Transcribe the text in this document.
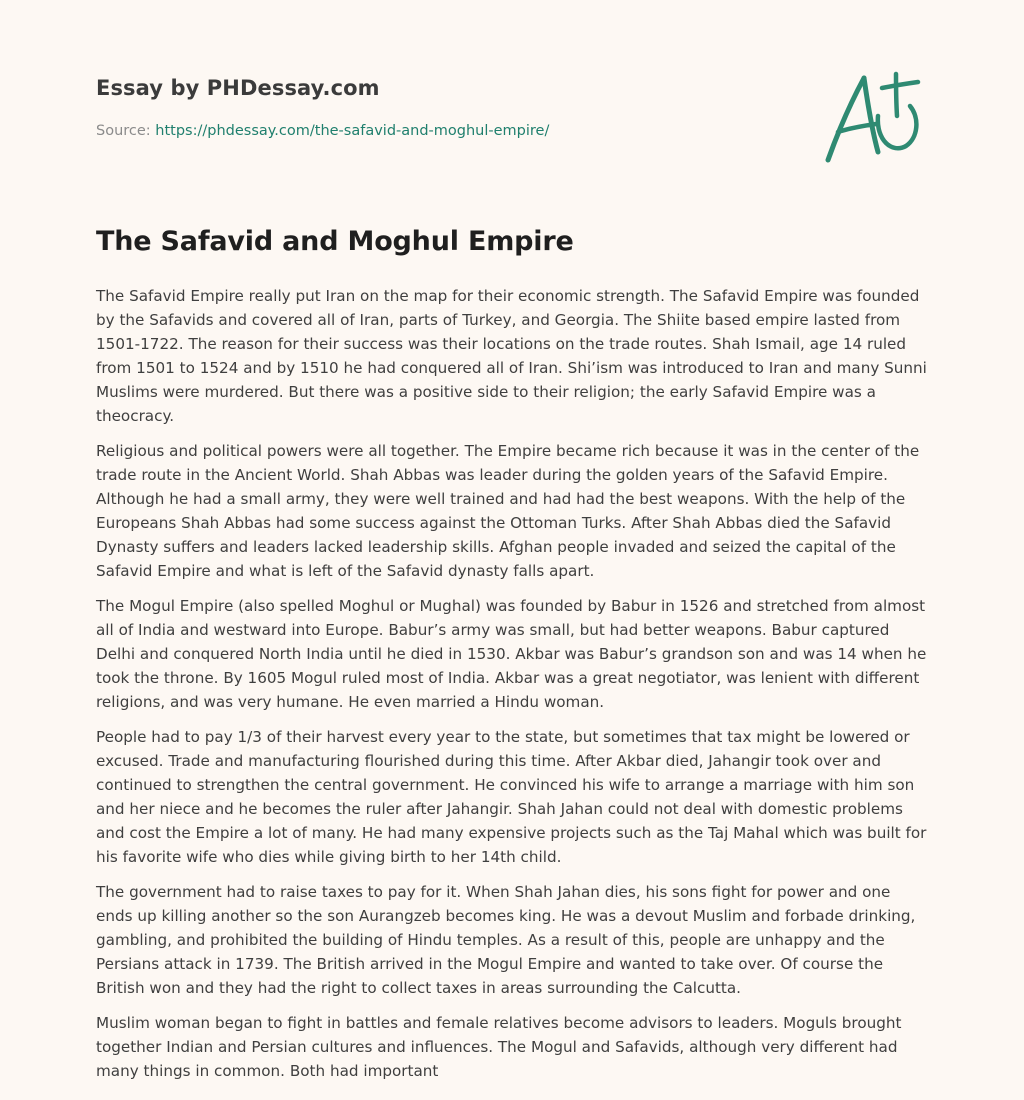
Essay by PHDessay.com
Source: https://phdessay.com/the-safavid-and-moghul-empire/
The Safavid and Moghul Empire

The Safavid Empire really put Iran on the map for their economic strength. The Safavid Empire was founded by the Safavids and covered all of Iran, parts of Turkey, and Georgia. The Shiite based empire lasted from 1501-1722. The reason for their success was their locations on the trade routes. Shah Ismail, age 14 ruled from 1501 to 1524 and by 1510 he had conquered all of Iran. Shi’ism was introduced to Iran and many Sunni Muslims were murdered. But there was a positive side to their religion; the early Safavid Empire was a theocracy.

Religious and political powers were all together. The Empire became rich because it was in the center of the trade route in the Ancient World. Shah Abbas was leader during the golden years of the Safavid Empire. Although he had a small army, they were well trained and had had the best weapons. With the help of the Europeans Shah Abbas had some success against the Ottoman Turks. After Shah Abbas died the Safavid Dynasty suffers and leaders lacked leadership skills. Afghan people invaded and seized the capital of the Safavid Empire and what is left of the Safavid dynasty falls apart.

The Mogul Empire (also spelled Moghul or Mughal) was founded by Babur in 1526 and stretched from almost all of India and westward into Europe. Babur’s army was small, but had better weapons. Babur captured Delhi and conquered North India until he died in 1530. Akbar was Babur’s grandson son and was 14 when he took the throne. By 1605 Mogul ruled most of India. Akbar was a great negotiator, was lenient with different religions, and was very humane. He even married a Hindu woman.

People had to pay 1/3 of their harvest every year to the state, but sometimes that tax might be lowered or excused. Trade and manufacturing flourished during this time. After Akbar died, Jahangir took over and continued to strengthen the central government. He convinced his wife to arrange a marriage with him son and her niece and he becomes the ruler after Jahangir. Shah Jahan could not deal with domestic problems and cost the Empire a lot of many. He had many expensive projects such as the Taj Mahal which was built for his favorite wife who dies while giving birth to her 14th child.

The government had to raise taxes to pay for it. When Shah Jahan dies, his sons fight for power and one ends up killing another so the son Aurangzeb becomes king. He was a devout Muslim and forbade drinking, gambling, and prohibited the building of Hindu temples. As a result of this, people are unhappy and the Persians attack in 1739. The British arrived in the Mogul Empire and wanted to take over. Of course the British won and they had the right to collect taxes in areas surrounding the Calcutta.

Muslim woman began to fight in battles and female relatives become advisors to leaders. Moguls brought together Indian and Persian cultures and influences. The Mogul and Safavids, although very different had many things in common. Both had important
